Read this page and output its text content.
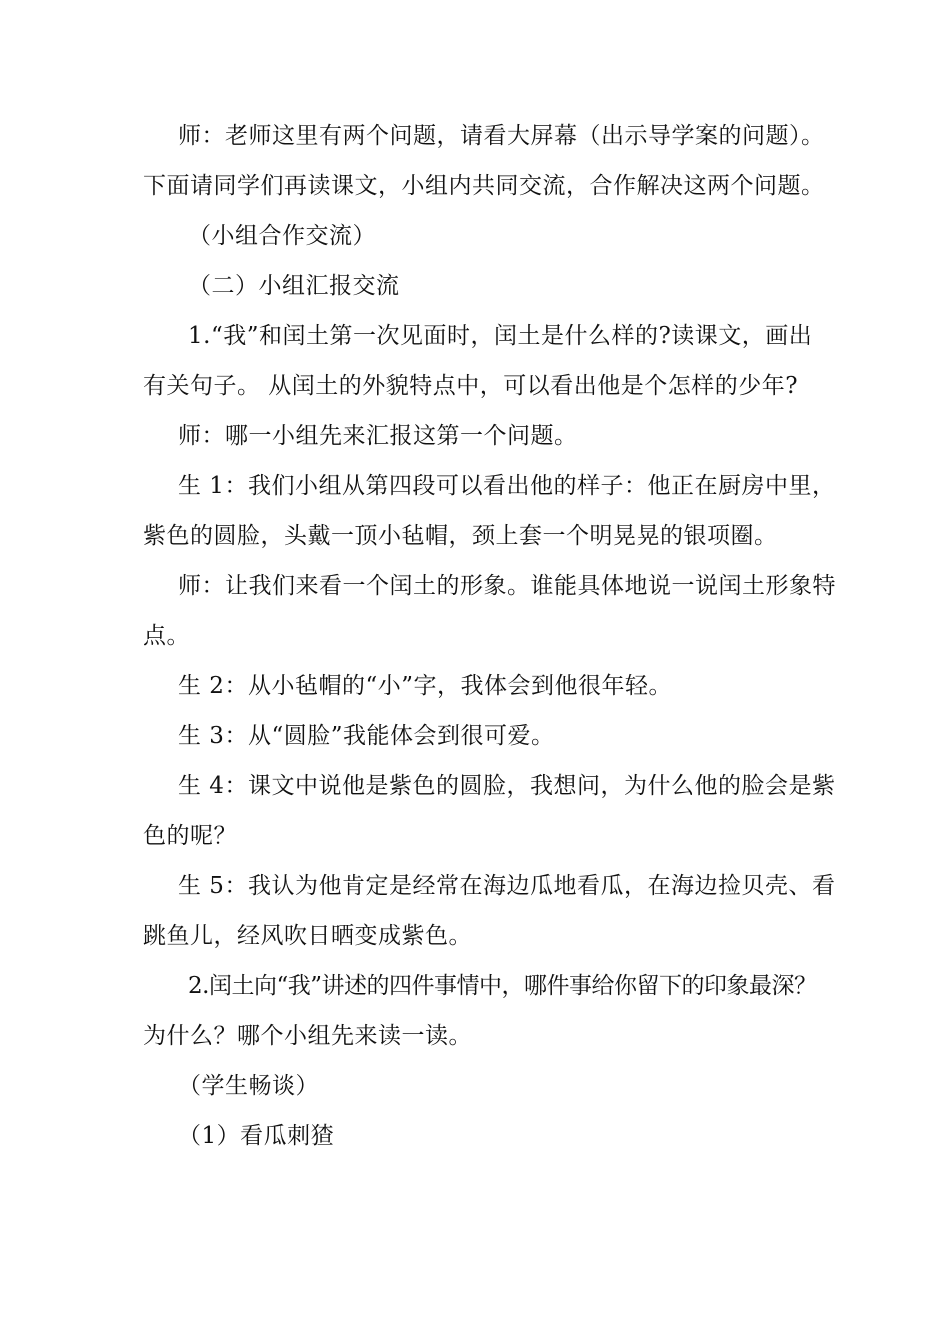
师：老师这里有两个问题，请看大屏幕（出示导学案的问题）。
下面请同学们再读课文，小组内共同交流，合作解决这两个问题。
（小组合作交流）
（二）小组汇报交流
1.“我”和闰土第一次见面时，闰土是什么样的?读课文，画出
有关句子。 从闰土的外貌特点中，可以看出他是个怎样的少年?
师：哪一小组先来汇报这第一个问题。
生 1：我们小组从第四段可以看出他的样子：他正在厨房中里，
紫色的圆脸，头戴一顶小毡帽，颈上套一个明晃晃的银项圈。
师：让我们来看一个闰土的形象。谁能具体地说一说闰土形象特
点。
生 2：从小毡帽的“小”字，我体会到他很年轻。
生 3：从“圆脸”我能体会到很可爱。
生 4：课文中说他是紫色的圆脸，我想问，为什么他的脸会是紫
色的呢？
生 5：我认为他肯定是经常在海边瓜地看瓜，在海边捡贝壳、看
跳鱼儿，经风吹日晒变成紫色。
2.闰土向“我”讲述的四件事情中，哪件事给你留下的印象最深？
为什么？哪个小组先来读一读。
（学生畅谈）
（1）看瓜刺猹
